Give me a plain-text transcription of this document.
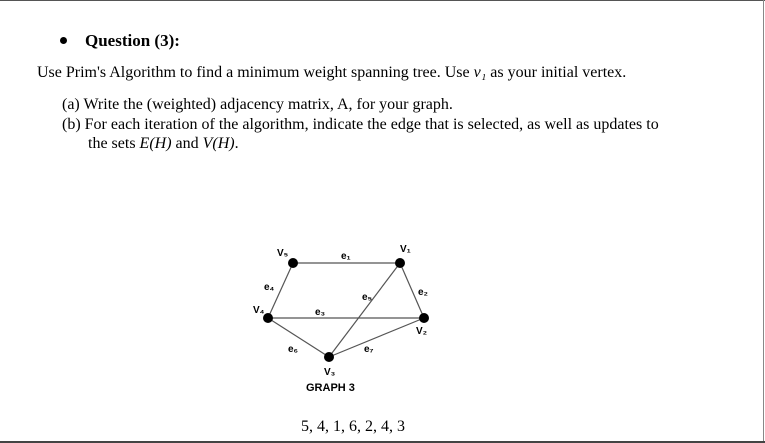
Question (3):
Use Prim's Algorithm to find a minimum weight spanning tree. Use v₁ as your initial vertex.
(a) Write the (weighted) adjacency matrix, A, for your graph.
(b) For each iteration of the algorithm, indicate the edge that is selected, as well as updates to
the sets E(H) and V(H).
V₅	V₁
V₄
V₂
V₃
e₁
e₂
e₃
e₄
e₅
e₆	e₇
GRAPH 3
5, 4, 1, 6, 2, 4, 3
